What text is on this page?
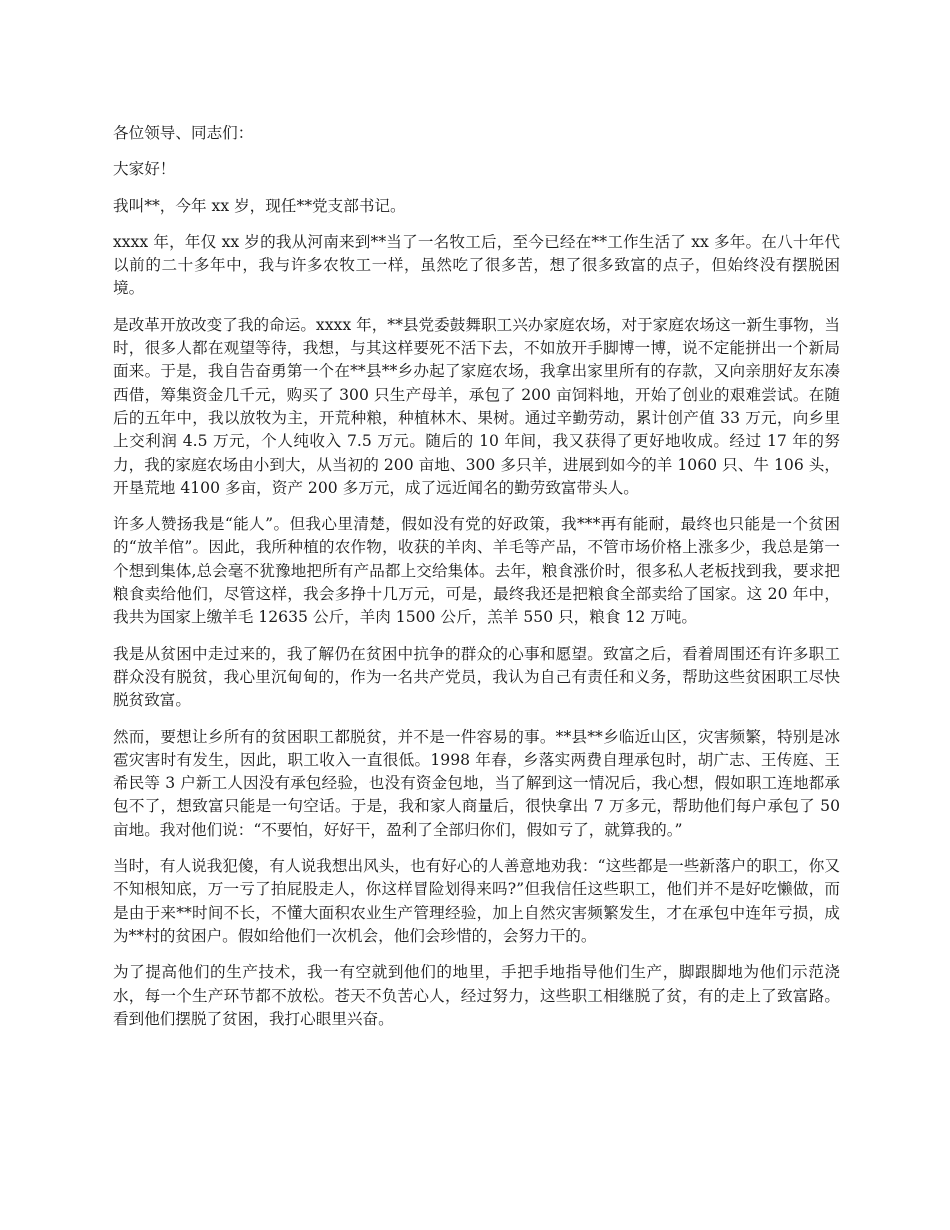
各位领导、同志们：

大家好！

我叫**，今年 xx 岁，现任**党支部书记。

xxxx 年，年仅 xx 岁的我从河南来到**当了一名牧工后，至今已经在**工作生活了 xx 多年。在八十年代以前的二十多年中，我与许多农牧工一样，虽然吃了很多苦，想了很多致富的点子，但始终没有摆脱困境。

是改革开放改变了我的命运。xxxx 年，**县党委鼓舞职工兴办家庭农场，对于家庭农场这一新生事物，当时，很多人都在观望等待，我想，与其这样要死不活下去，不如放开手脚博一博，说不定能拼出一个新局面来。于是，我自告奋勇第一个在**县**乡办起了家庭农场，我拿出家里所有的存款，又向亲朋好友东凑西借，筹集资金几千元，购买了 300 只生产母羊，承包了 200 亩饲料地，开始了创业的艰难尝试。在随后的五年中，我以放牧为主，开荒种粮，种植林木、果树。通过辛勤劳动，累计创产值 33 万元，向乡里上交利润 4.5 万元，个人纯收入 7.5 万元。随后的 10 年间，我又获得了更好地收成。经过 17 年的努力，我的家庭农场由小到大，从当初的 200 亩地、300 多只羊，进展到如今的羊 1060 只、牛 106 头，开垦荒地 4100 多亩，资产 200 多万元，成了远近闻名的勤劳致富带头人。

许多人赞扬我是“能人”。但我心里清楚，假如没有党的好政策，我***再有能耐，最终也只能是一个贫困的“放羊倌”。因此，我所种植的农作物，收获的羊肉、羊毛等产品，不管市场价格上涨多少，我总是第一个想到集体,总会毫不犹豫地把所有产品都上交给集体。去年，粮食涨价时，很多私人老板找到我，要求把粮食卖给他们，尽管这样，我会多挣十几万元，可是，最终我还是把粮食全部卖给了国家。这 20 年中，我共为国家上缴羊毛 12635 公斤，羊肉 1500 公斤，羔羊 550 只，粮食 12 万吨。

我是从贫困中走过来的，我了解仍在贫困中抗争的群众的心事和愿望。致富之后，看着周围还有许多职工群众没有脱贫，我心里沉甸甸的，作为一名共产党员，我认为自己有责任和义务，帮助这些贫困职工尽快脱贫致富。

然而，要想让乡所有的贫困职工都脱贫，并不是一件容易的事。**县**乡临近山区，灾害频繁，特别是冰雹灾害时有发生，因此，职工收入一直很低。1998 年春，乡落实两费自理承包时，胡广志、王传庭、王希民等 3 户新工人因没有承包经验，也没有资金包地，当了解到这一情况后，我心想，假如职工连地都承包不了，想致富只能是一句空话。于是，我和家人商量后，很快拿出 7 万多元，帮助他们每户承包了 50 亩地。我对他们说：“不要怕，好好干，盈利了全部归你们，假如亏了，就算我的。”

当时，有人说我犯傻，有人说我想出风头，也有好心的人善意地劝我：“这些都是一些新落户的职工，你又不知根知底，万一亏了拍屁股走人，你这样冒险划得来吗?”但我信任这些职工，他们并不是好吃懒做，而是由于来**时间不长，不懂大面积农业生产管理经验，加上自然灾害频繁发生，才在承包中连年亏损，成为**村的贫困户。假如给他们一次机会，他们会珍惜的，会努力干的。

为了提高他们的生产技术，我一有空就到他们的地里，手把手地指导他们生产，脚跟脚地为他们示范浇水，每一个生产环节都不放松。苍天不负苦心人，经过努力，这些职工相继脱了贫，有的走上了致富路。看到他们摆脱了贫困，我打心眼里兴奋。
